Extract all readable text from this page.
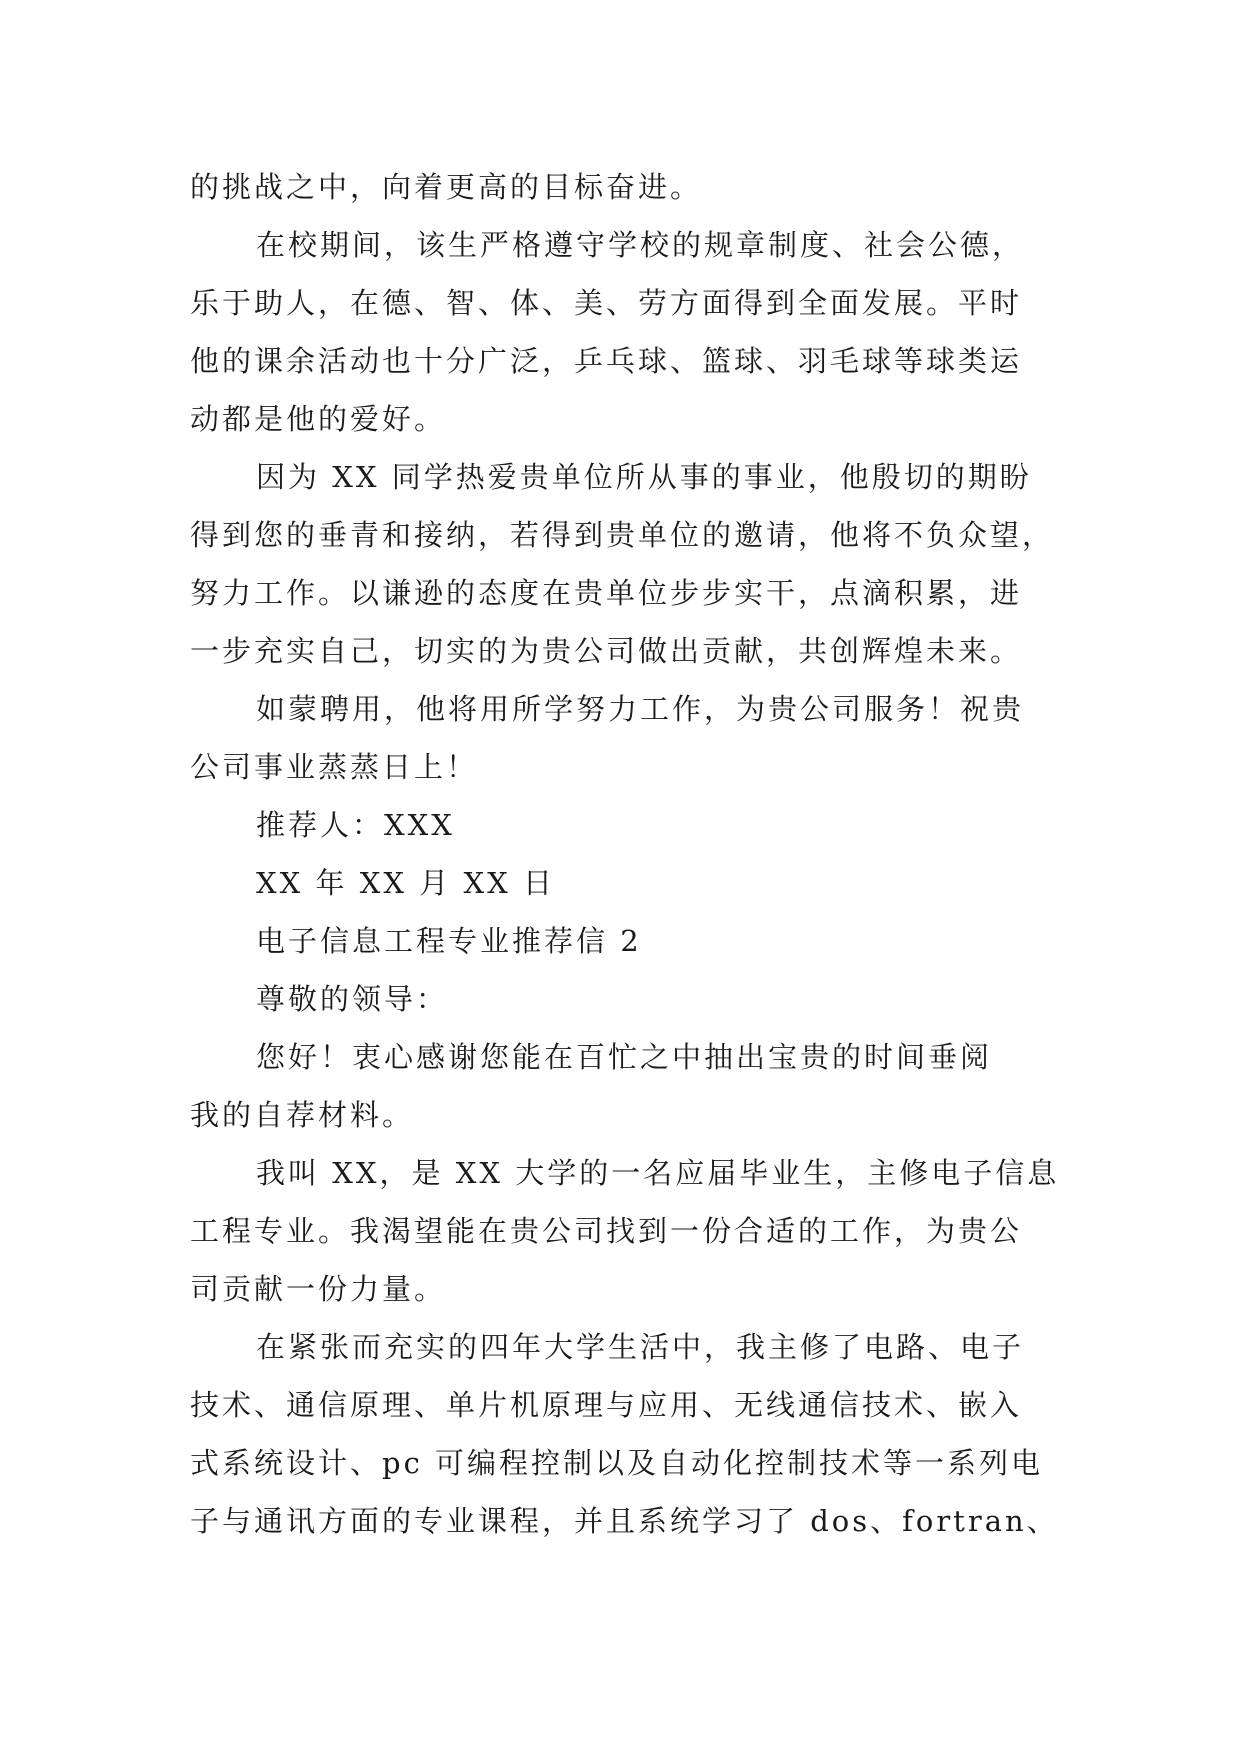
的挑战之中，向着更高的目标奋进。
在校期间，该生严格遵守学校的规章制度、社会公德，
乐于助人，在德、智、体、美、劳方面得到全面发展。平时
他的课余活动也十分广泛，乒乓球、篮球、羽毛球等球类运
动都是他的爱好。
因为 XX 同学热爱贵单位所从事的事业，他殷切的期盼
得到您的垂青和接纳，若得到贵单位的邀请，他将不负众望，
努力工作。以谦逊的态度在贵单位步步实干，点滴积累，进
一步充实自己，切实的为贵公司做出贡献，共创辉煌未来。
如蒙聘用，他将用所学努力工作，为贵公司服务！祝贵
公司事业蒸蒸日上！
推荐人：XXX
XX 年 XX 月 XX 日
电子信息工程专业推荐信 2
尊敬的领导：
您好！衷心感谢您能在百忙之中抽出宝贵的时间垂阅
我的自荐材料。
我叫 XX，是 XX 大学的一名应届毕业生，主修电子信息
工程专业。我渴望能在贵公司找到一份合适的工作，为贵公
司贡献一份力量。
在紧张而充实的四年大学生活中，我主修了电路、电子
技术、通信原理、单片机原理与应用、无线通信技术、嵌入
式系统设计、pc 可编程控制以及自动化控制技术等一系列电
子与通讯方面的专业课程，并且系统学习了 dos、fortran、
